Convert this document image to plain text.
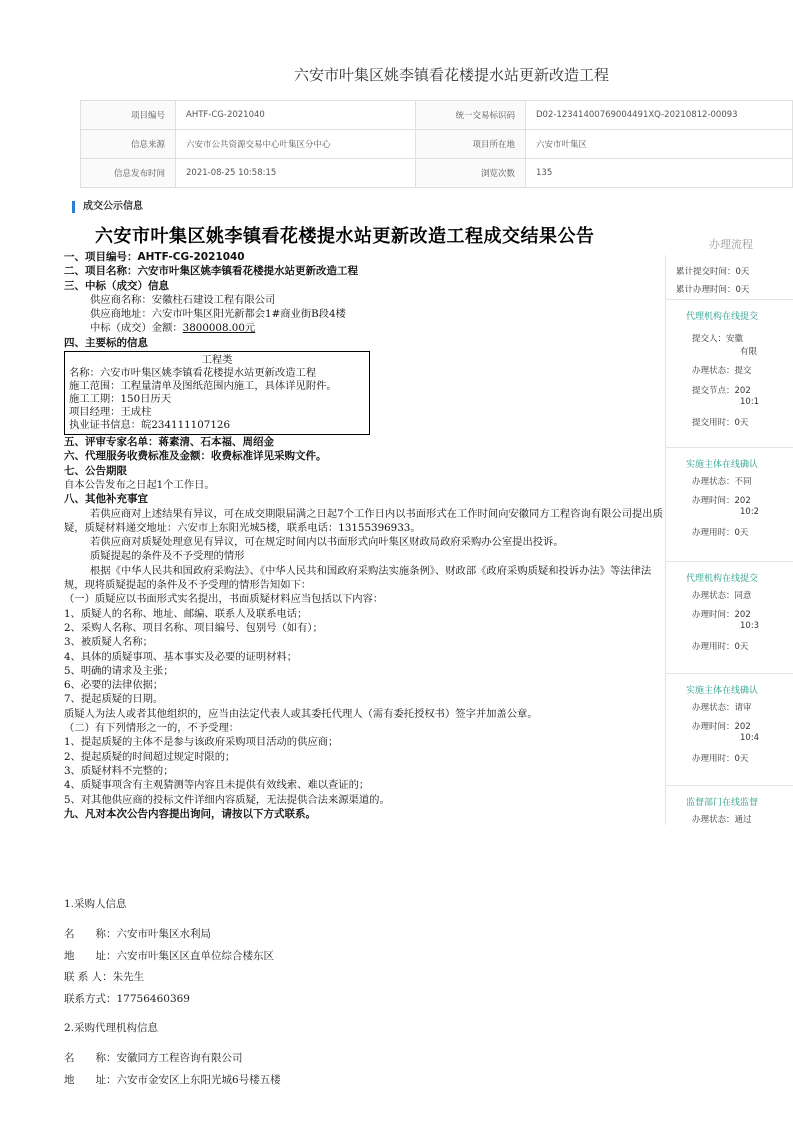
六安市叶集区姚李镇看花楼提水站更新改造工程
项目编号	AHTF-CG-2021040	统一交易标识码	D02-12341400769004491XQ-20210812-00093
信息来源	六安市公共资源交易中心叶集区分中心	项目所在地	六安市叶集区
信息发布时间	2021-08-25 10:58:15	浏览次数	135
成交公示信息
六安市叶集区姚李镇看花楼提水站更新改造工程成交结果公告
一、项目编号：AHTF-CG-2021040
二、项目名称：六安市叶集区姚李镇看花楼提水站更新改造工程
三、中标（成交）信息
供应商名称：安徽柱石建设工程有限公司
供应商地址：六安市叶集区阳光新都会1#商业街B段4楼
中标（成交）金额：3800008.00元
四、主要标的信息
工程类
名称：六安市叶集区姚李镇看花楼提水站更新改造工程
施工范围：工程量清单及图纸范围内施工，具体详见附件。
施工工期：150日历天
项目经理：王成柱
执业证书信息：皖234111107126
五、评审专家名单：蒋素清、石本福、周绍金
六、代理服务收费标准及金额：收费标准详见采购文件。
七、公告期限
自本公告发布之日起1个工作日。
八、其他补充事宜
若供应商对上述结果有异议，可在成交期限届满之日起7个工作日内以书面形式在工作时间向安徽同方工程咨询有限公司提出质疑，质疑材料递交地址：六安市上东阳光城5楼，联系电话：13155396933。
若供应商对质疑处理意见有异议，可在规定时间内以书面形式向叶集区财政局政府采购办公室提出投诉。
质疑提起的条件及不予受理的情形
根据《中华人民共和国政府采购法》、《中华人民共和国政府采购法实施条例》、财政部《政府采购质疑和投诉办法》等法律法规，现将质疑提起的条件及不予受理的情形告知如下：
（一）质疑应以书面形式实名提出，书面质疑材料应当包括以下内容：
1、质疑人的名称、地址、邮编、联系人及联系电话；
2、采购人名称、项目名称、项目编号、包别号（如有）；
3、被质疑人名称；
4、具体的质疑事项、基本事实及必要的证明材料；
5、明确的请求及主张；
6、必要的法律依据；
7、提起质疑的日期。
质疑人为法人或者其他组织的，应当由法定代表人或其委托代理人（需有委托授权书）签字并加盖公章。
（二）有下列情形之一的，不予受理：
1、提起质疑的主体不是参与该政府采购项目活动的供应商；
2、提起质疑的时间超过规定时限的；
3、质疑材料不完整的；
4、质疑事项含有主观猜测等内容且未提供有效线索、难以查证的；
5、对其他供应商的投标文件详细内容质疑，无法提供合法来源渠道的。
九、凡对本次公告内容提出询问，请按以下方式联系。
1.采购人信息
名　　称：六安市叶集区水利局
地　　址：六安市叶集区区直单位综合楼东区
联 系 人：朱先生
联系方式：17756460369
2.采购代理机构信息
名　　称：安徽同方工程咨询有限公司
地　　址：六安市金安区上东阳光城6号楼五楼
办理流程
累计提交时间：0天
累计办理时间：0天
代理机构在线提交
提交人：安徽
有限
办理状态：提交
提交节点：202
10:1
提交用时：0天
实施主体在线确认
办理状态：不同
办理时间：202
10:2
办理用时：0天
代理机构在线提交
办理状态：同意
办理时间：202
10:3
办理用时：0天
实施主体在线确认
办理状态：请审
办理时间：202
10:4
办理用时：0天
监督部门在线监督
办理状态：通过
